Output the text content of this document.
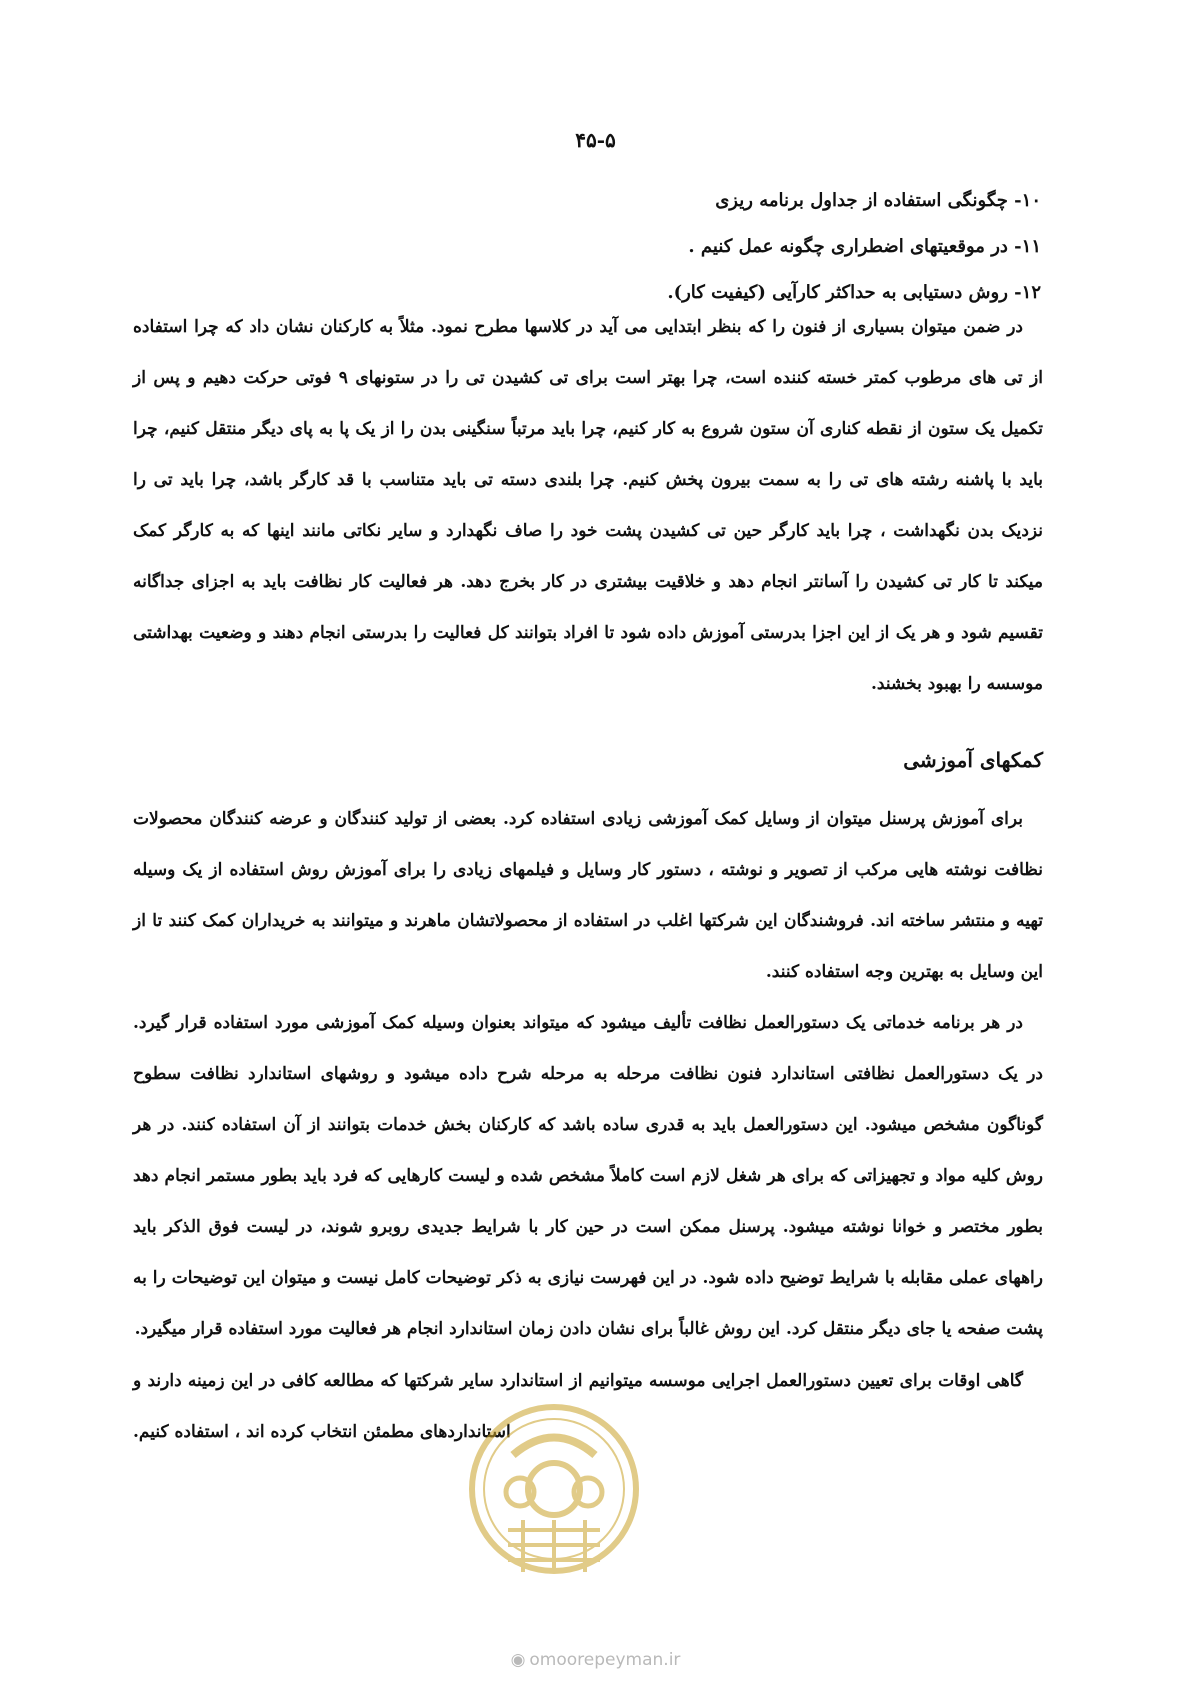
۴۵-۵
۱۰- چگونگی استفاده از جداول برنامه ریزی
۱۱- در موقعیتهای اضطراری چگونه عمل کنیم .
۱۲- روش دستیابی به حداکثر کارآیی (کیفیت کار).

در ضمن میتوان بسیاری از فنون را که بنظر ابتدایی می آید در کلاسها مطرح نمود. مثلاً به کارکنان نشان داد که چرا استفاده از تی های مرطوب کمتر خسته کننده است، چرا بهتر است برای تی کشیدن تی را در ستونهای ۹ فوتی حرکت دهیم و پس از تکمیل یک ستون از نقطه کناری آن ستون شروع به کار کنیم، چرا باید مرتباً سنگینی بدن را از یک پا به پای دیگر منتقل کنیم، چرا باید با پاشنه رشته های تی را به سمت بیرون پخش کنیم. چرا بلندی دسته تی باید متناسب با قد کارگر باشد، چرا باید تی را نزدیک بدن نگهداشت ، چرا باید کارگر حین تی کشیدن پشت خود را صاف نگهدارد و سایر نکاتی مانند اینها که به کارگر کمک میکند تا کار تی کشیدن را آسانتر انجام دهد و خلاقیت بیشتری در کار بخرج دهد. هر فعالیت کار نظافت باید به اجزای جداگانه تقسیم شود و هر یک از این اجزا بدرستی آموزش داده شود تا افراد بتوانند کل فعالیت را بدرستی انجام دهند و وضعیت بهداشتی موسسه را بهبود بخشند.

کمکهای آموزشی

برای آموزش پرسنل میتوان از وسایل کمک آموزشی زیادی استفاده کرد. بعضی از تولید کنندگان و عرضه کنندگان محصولات نظافت نوشته هایی مرکب از تصویر و نوشته ، دستور کار وسایل و فیلمهای زیادی را برای آموزش روش استفاده از یک وسیله تهیه و منتشر ساخته اند. فروشندگان این شرکتها اغلب در استفاده از محصولاتشان ماهرند و میتوانند به خریداران کمک کنند تا از این وسایل به بهترین وجه استفاده کنند.

در هر برنامه خدماتی یک دستورالعمل نظافت تألیف میشود که میتواند بعنوان وسیله کمک آموزشی مورد استفاده قرار گیرد. در یک دستورالعمل نظافتی استاندارد فنون نظافت مرحله به مرحله شرح داده میشود و روشهای استاندارد نظافت سطوح گوناگون مشخص میشود. این دستورالعمل باید به قدری ساده باشد که کارکنان بخش خدمات بتوانند از آن استفاده کنند. در هر روش کلیه مواد و تجهیزاتی که برای هر شغل لازم است کاملاً مشخص شده و لیست کارهایی که فرد باید بطور مستمر انجام دهد بطور مختصر و خوانا نوشته میشود. پرسنل ممکن است در حین کار با شرایط جدیدی روبرو شوند، در لیست فوق الذکر باید راههای عملی مقابله با شرایط توضیح داده شود. در این فهرست نیازی به ذکر توضیحات کامل نیست و میتوان این توضیحات را به پشت صفحه یا جای دیگر منتقل کرد. این روش غالباً برای نشان دادن زمان استاندارد انجام هر فعالیت مورد استفاده قرار میگیرد.

گاهی اوقات برای تعیین دستورالعمل اجرایی موسسه میتوانیم از استاندارد سایر شرکتها که مطالعه کافی در این زمینه دارند و استانداردهای مطمئن انتخاب کرده اند ، استفاده کنیم.

◉ omoorepeyman.ir
